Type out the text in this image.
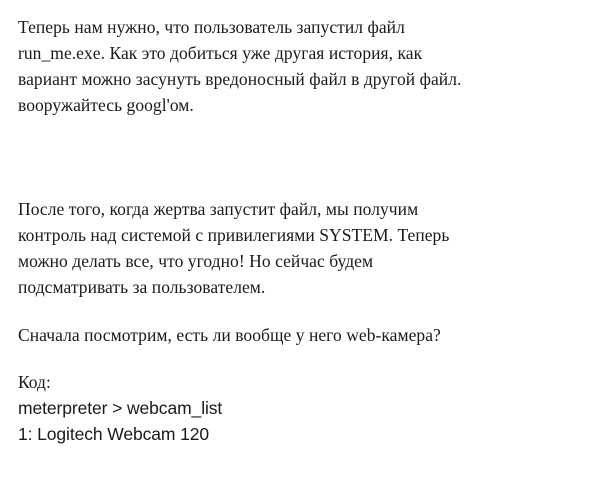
Теперь нам нужно, что пользователь запустил файл
run_me.exe. Как это добиться уже другая история, как
вариант можно засунуть вредоносный файл в другой файл.
вооружайтесь googl'ом.

После того, когда жертва запустит файл, мы получим
контроль над системой с привилегиями SYSTEM. Теперь
можно делать все, что угодно! Но сейчас будем
подсматривать за пользователем.

Сначала посмотрим, есть ли вообще у него web-камера?

Код:

meterpreter > webcam_list

1: Logitech Webcam 120
